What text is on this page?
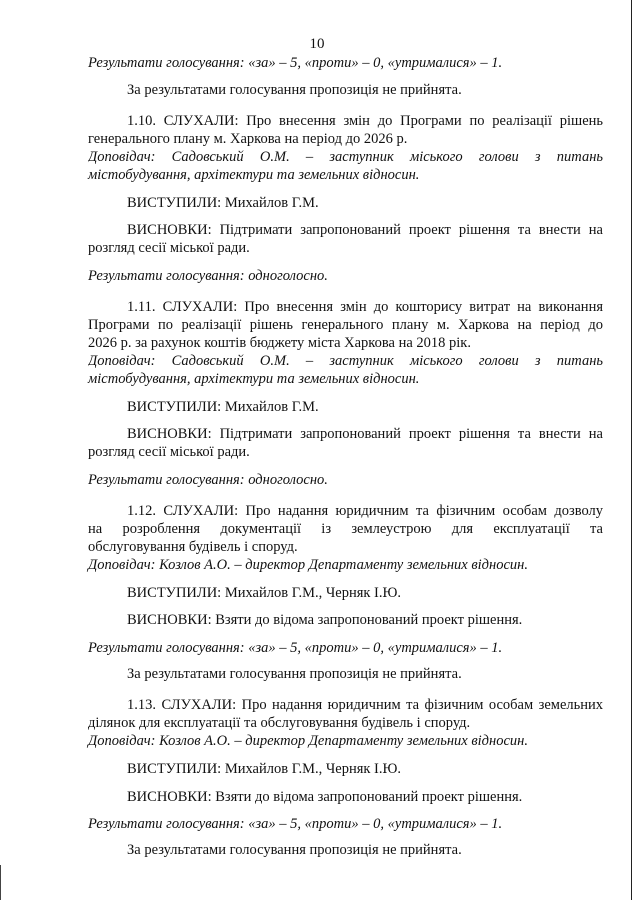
10
Результати голосування: «за» – 5, «проти» – 0, «утрималися» – 1.
За результатами голосування пропозиція не прийнята.
1.10. СЛУХАЛИ: Про внесення змін до Програми по реалізації рішень
генерального плану м. Харкова на період до 2026 р.
Доповідач: Садовський О.М. – заступник міського голови з питань
містобудування, архітектури та земельних відносин.
ВИСТУПИЛИ: Михайлов Г.М.
ВИСНОВКИ: Підтримати запропонований проект рішення та внести на
розгляд сесії міської ради.
Результати голосування: одноголосно.
1.11. СЛУХАЛИ: Про внесення змін до кошторису витрат на виконання
Програми по реалізації рішень генерального плану м. Харкова на період до
2026 р. за рахунок коштів бюджету міста Харкова на 2018 рік.
Доповідач: Садовський О.М. – заступник міського голови з питань
містобудування, архітектури та земельних відносин.
ВИСТУПИЛИ: Михайлов Г.М.
ВИСНОВКИ: Підтримати запропонований проект рішення та внести на
розгляд сесії міської ради.
Результати голосування: одноголосно.
1.12. СЛУХАЛИ: Про надання юридичним та фізичним особам дозволу
на розроблення документації із землеустрою для експлуатації та
обслуговування будівель і споруд.
Доповідач: Козлов А.О. – директор Департаменту земельних відносин.
ВИСТУПИЛИ: Михайлов Г.М., Черняк І.Ю.
ВИСНОВКИ: Взяти до відома запропонований проект рішення.
Результати голосування: «за» – 5, «проти» – 0, «утрималися» – 1.
За результатами голосування пропозиція не прийнята.
1.13. СЛУХАЛИ: Про надання юридичним та фізичним особам земельних
ділянок для експлуатації та обслуговування будівель і споруд.
Доповідач: Козлов А.О. – директор Департаменту земельних відносин.
ВИСТУПИЛИ: Михайлов Г.М., Черняк І.Ю.
ВИСНОВКИ: Взяти до відома запропонований проект рішення.
Результати голосування: «за» – 5, «проти» – 0, «утрималися» – 1.
За результатами голосування пропозиція не прийнята.
